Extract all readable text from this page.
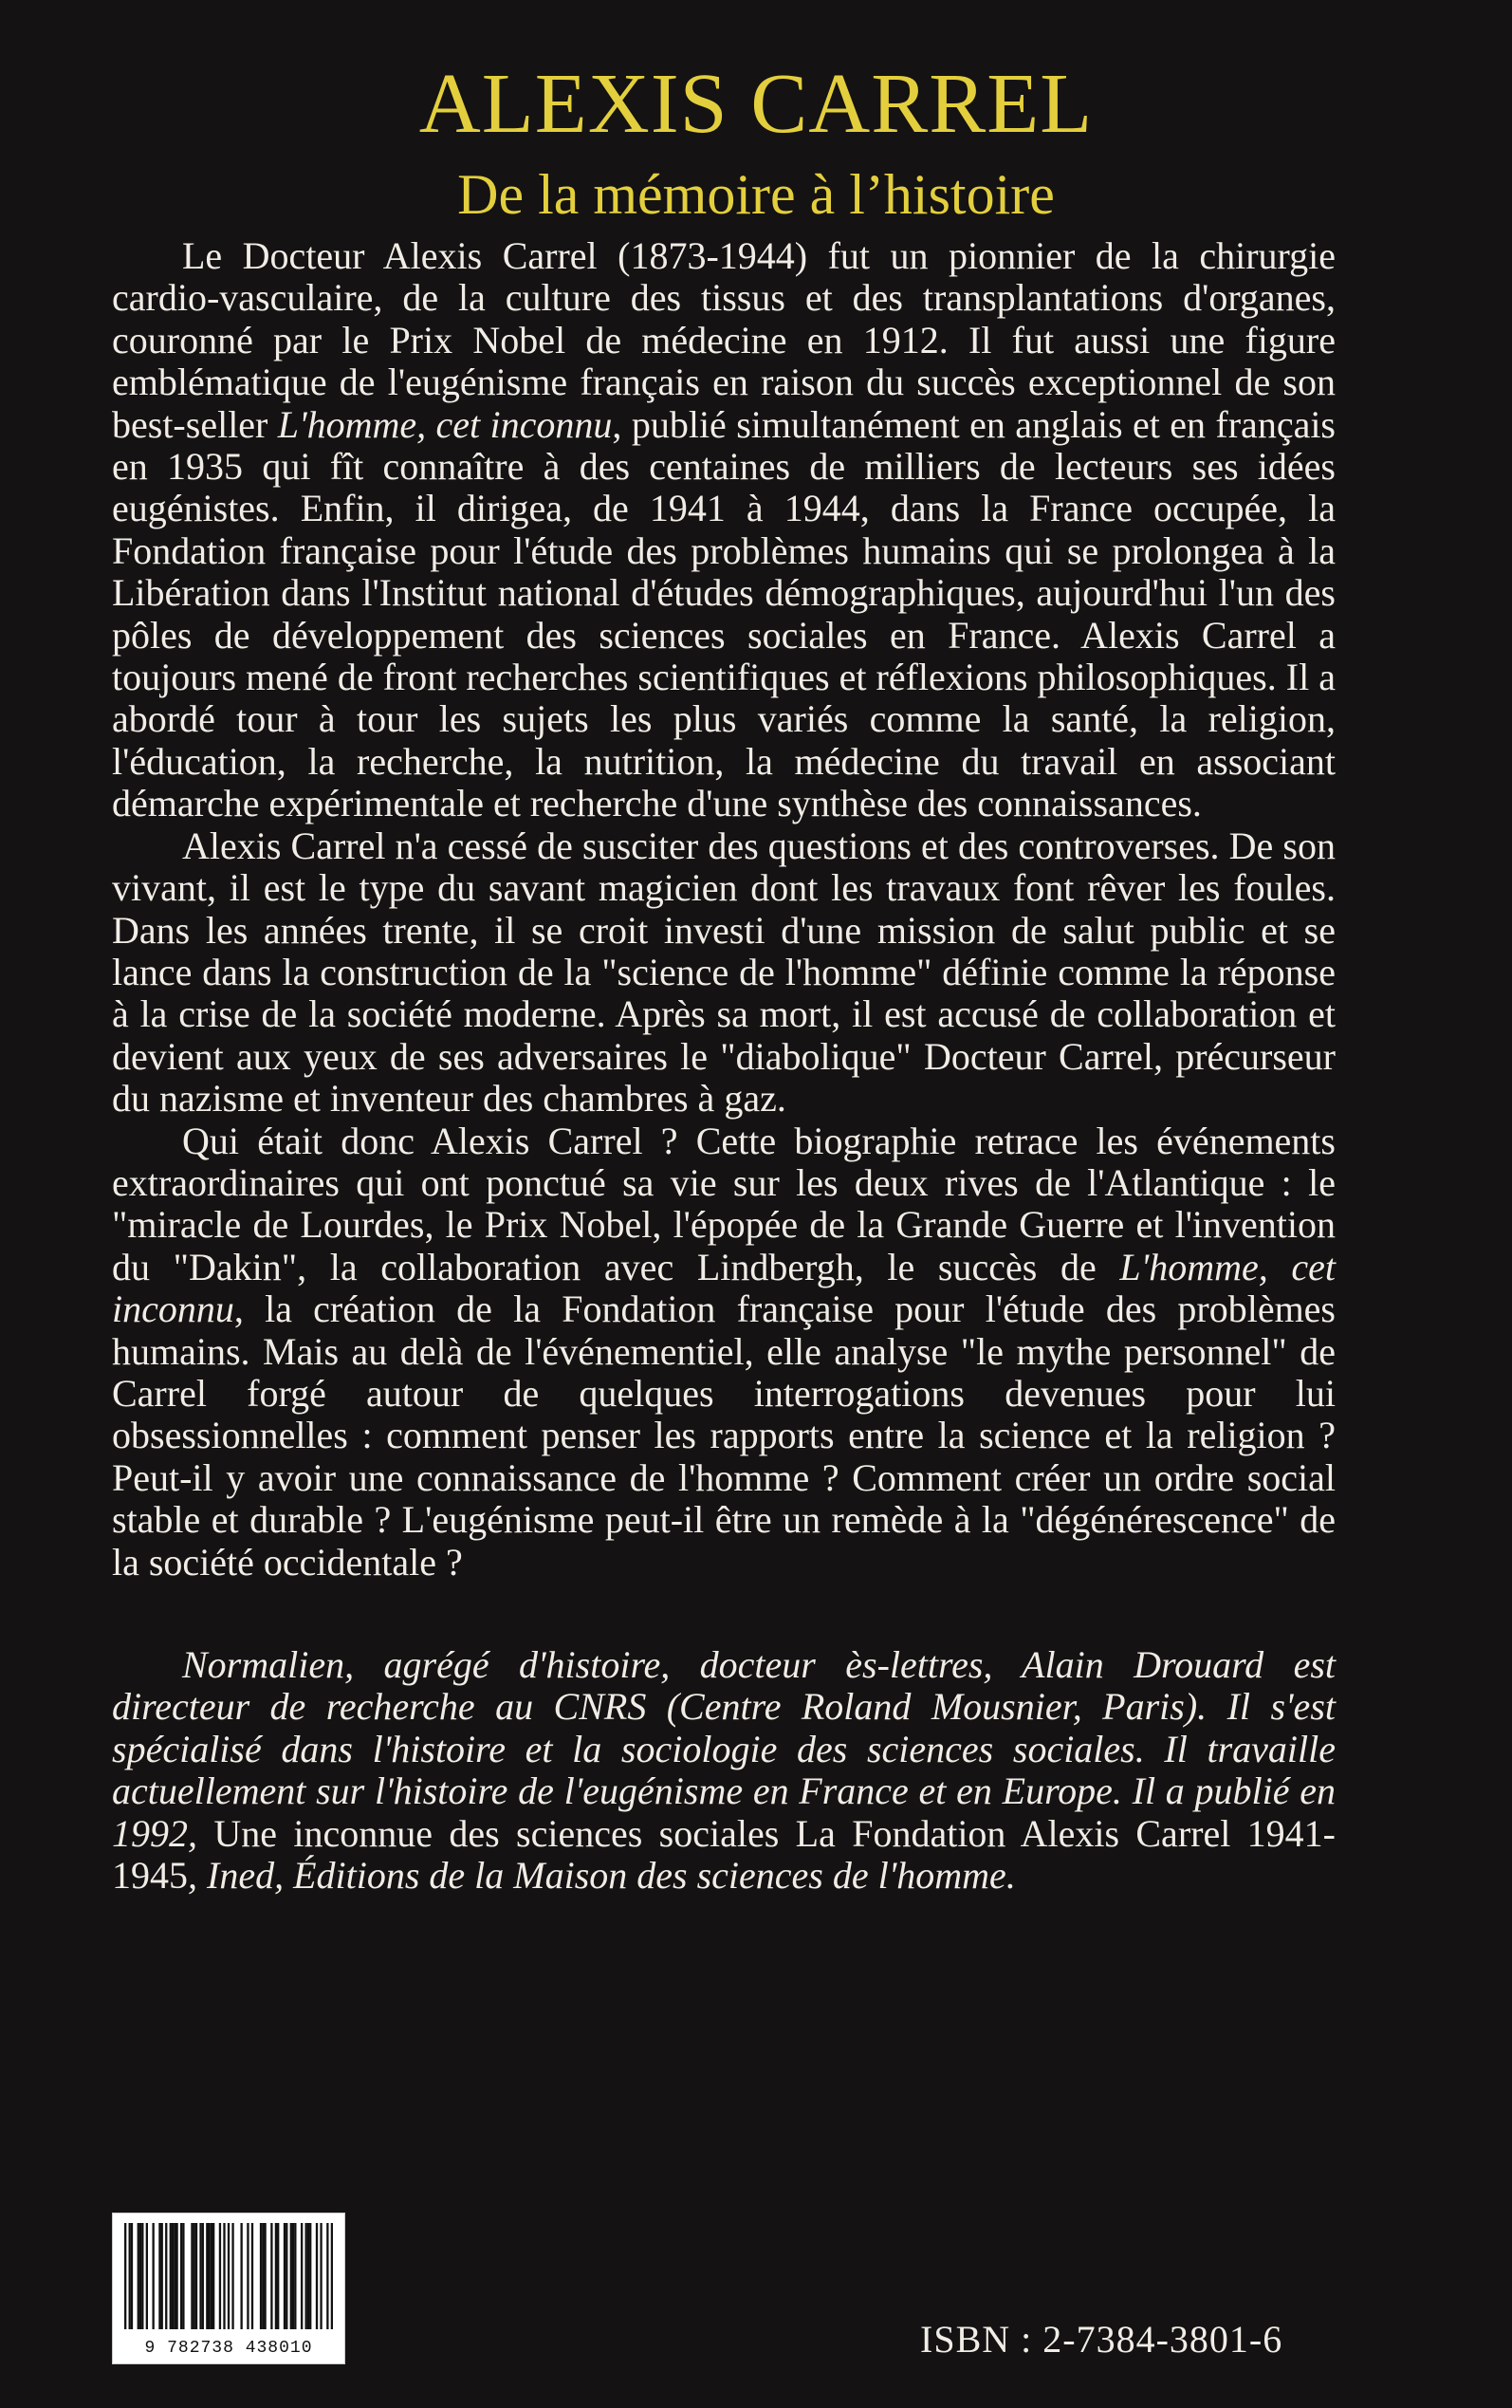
ALEXIS CARREL
De la mémoire à l’histoire

Le Docteur Alexis Carrel (1873-1944) fut un pionnier de la chirurgie cardio-vasculaire, de la culture des tissus et des transplantations d'organes, couronné par le Prix Nobel de médecine en 1912. Il fut aussi une figure emblématique de l'eugénisme français en raison du succès exceptionnel de son best-seller L'homme, cet inconnu, publié simultanément en anglais et en français en 1935 qui fît connaître à des centaines de milliers de lecteurs ses idées eugénistes. Enfin, il dirigea, de 1941 à 1944, dans la France occupée, la Fondation française pour l'étude des problèmes humains qui se prolongea à la Libération dans l'Institut national d'études démographiques, aujourd'hui l'un des pôles de développement des sciences sociales en France. Alexis Carrel a toujours mené de front recherches scientifiques et réflexions philosophiques. Il a abordé tour à tour les sujets les plus variés comme la santé, la religion, l'éducation, la recherche, la nutrition, la médecine du travail en associant démarche expérimentale et recherche d'une synthèse des connaissances.

Alexis Carrel n'a cessé de susciter des questions et des controverses. De son vivant, il est le type du savant magicien dont les travaux font rêver les foules. Dans les années trente, il se croit investi d'une mission de salut public et se lance dans la construction de la "science de l'homme" définie comme la réponse à la crise de la société moderne. Après sa mort, il est accusé de collaboration et devient aux yeux de ses adversaires le "diabolique" Docteur Carrel, précurseur du nazisme et inventeur des chambres à gaz.

Qui était donc Alexis Carrel ? Cette biographie retrace les événements extraordinaires qui ont ponctué sa vie sur les deux rives de l'Atlantique : le "miracle de Lourdes, le Prix Nobel, l'épopée de la Grande Guerre et l'invention du "Dakin", la collaboration avec Lindbergh, le succès de L'homme, cet inconnu, la création de la Fondation française pour l'étude des problèmes humains. Mais au delà de l'événementiel, elle analyse "le mythe personnel" de Carrel forgé autour de quelques interrogations devenues pour lui obsessionnelles : comment penser les rapports entre la science et la religion ? Peut-il y avoir une connaissance de l'homme ? Comment créer un ordre social stable et durable ? L'eugénisme peut-il être un remède à la "dégénérescence" de la société occidentale ?

Normalien, agrégé d'histoire, docteur ès-lettres, Alain Drouard est directeur de recherche au CNRS (Centre Roland Mousnier, Paris). Il s'est spécialisé dans l'histoire et la sociologie des sciences sociales. Il travaille actuellement sur l'histoire de l'eugénisme en France et en Europe. Il a publié en 1992, Une inconnue des sciences sociales La Fondation Alexis Carrel 1941-1945, Ined, Éditions de la Maison des sciences de l'homme.

9 782738 438010	ISBN : 2-7384-3801-6
